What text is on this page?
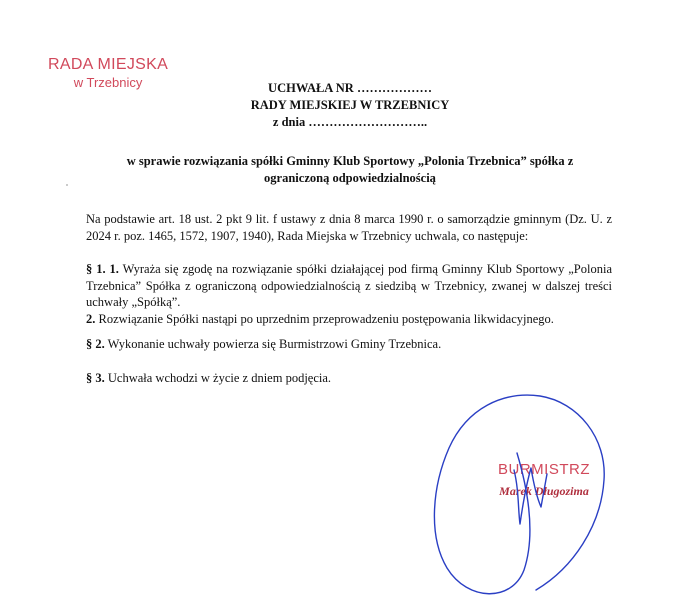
RADA MIEJSKA
w Trzebnicy	UCHWAŁA NR ………………
RADY MIEJSKIEJ W TRZEBNICY
z dnia ………………………..
w sprawie rozwiązania spółki Gminny Klub Sportowy „Polonia Trzebnica” spółka z
ograniczoną odpowiedzialnością
Na podstawie art. 18 ust. 2 pkt 9 lit. f ustawy z dnia 8 marca 1990 r. o samorządzie gminnym (Dz. U. z 2024 r. poz. 1465, 1572, 1907, 1940), Rada Miejska w Trzebnicy uchwala, co następuje:
§ 1. 1. Wyraża się zgodę na rozwiązanie spółki działającej pod firmą Gminny Klub Sportowy „Polonia Trzebnica” Spółka z ograniczoną odpowiedzialnością z siedzibą w Trzebnicy, zwanej w dalszej treści uchwały „Spółką”.
2. Rozwiązanie Spółki nastąpi po uprzednim przeprowadzeniu postępowania likwidacyjnego.
§ 2. Wykonanie uchwały powierza się Burmistrzowi Gminy Trzebnica.
§ 3. Uchwała wchodzi w życie z dniem podjęcia.
BURMISTRZ
Marek Długozima
